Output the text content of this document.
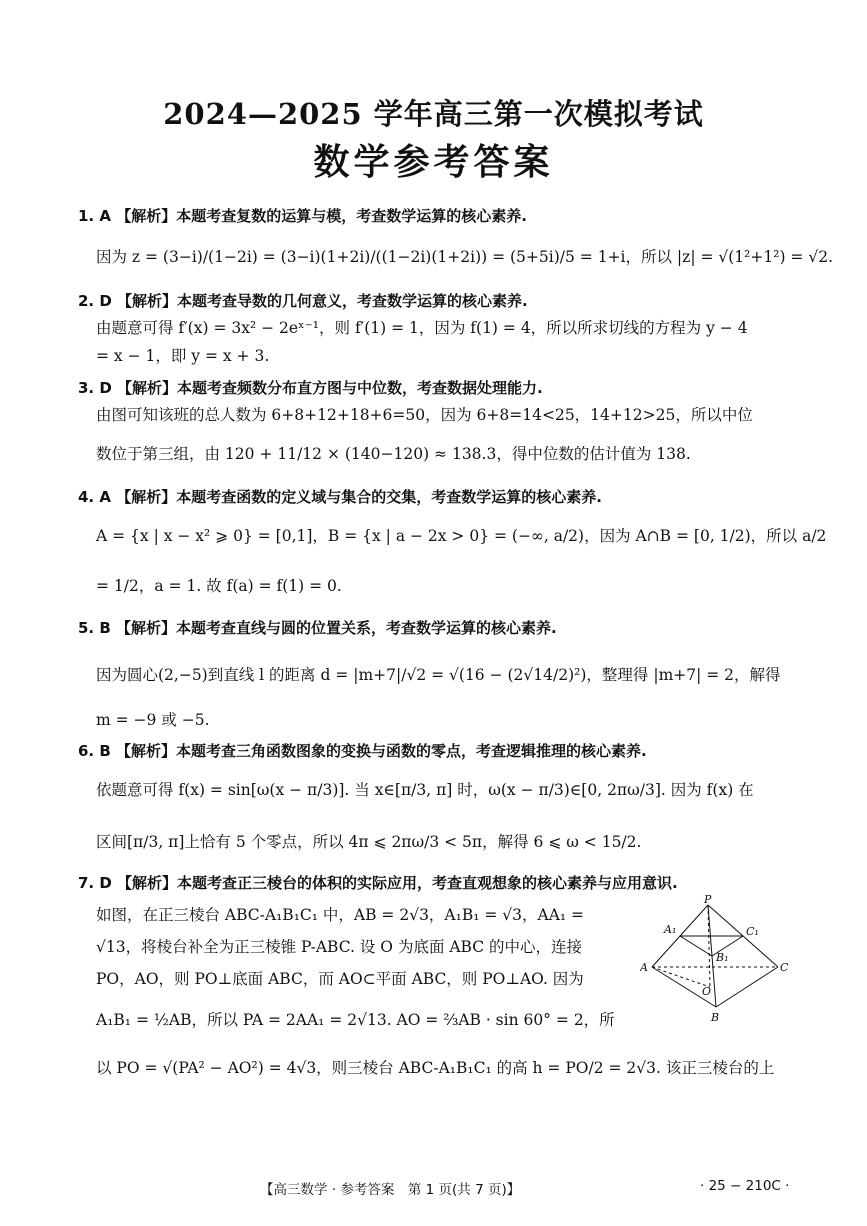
2024—2025 学年高三第一次模拟考试
数学参考答案
1. A 【解析】本题考查复数的运算与模，考查数学运算的核心素养.
因为 z = (3−i)/(1−2i) = (3−i)(1+2i)/((1−2i)(1+2i)) = (5+5i)/5 = 1+i，所以 |z| = √(1²+1²) = √2.
2. D 【解析】本题考查导数的几何意义，考查数学运算的核心素养.
由题意可得 f′(x) = 3x² − 2eˣ⁻¹，则 f′(1) = 1，因为 f(1) = 4，所以所求切线的方程为 y − 4
= x − 1，即 y = x + 3.
3. D 【解析】本题考查频数分布直方图与中位数，考查数据处理能力.
由图可知该班的总人数为 6+8+12+18+6=50，因为 6+8=14<25，14+12>25，所以中位
数位于第三组，由 120 + 11/12 × (140−120) ≈ 138.3，得中位数的估计值为 138.
4. A 【解析】本题考查函数的定义域与集合的交集，考查数学运算的核心素养.
A = {x | x − x² ⩾ 0} = [0,1]，B = {x | a − 2x > 0} = (−∞, a/2)，因为 A∩B = [0, 1/2)，所以 a/2
= 1/2，a = 1. 故 f(a) = f(1) = 0.
5. B 【解析】本题考查直线与圆的位置关系，考查数学运算的核心素养.
因为圆心(2,−5)到直线 l 的距离 d = |m+7|/√2 = √(16 − (2√14/2)²)，整理得 |m+7| = 2，解得
m = −9 或 −5.
6. B 【解析】本题考查三角函数图象的变换与函数的零点，考查逻辑推理的核心素养.
依题意可得 f(x) = sin[ω(x − π/3)]. 当 x∈[π/3, π] 时，ω(x − π/3)∈[0, 2πω/3]. 因为 f(x) 在
区间[π/3, π]上恰有 5 个零点，所以 4π ⩽ 2πω/3 < 5π，解得 6 ⩽ ω < 15/2.
7. D 【解析】本题考查正三棱台的体积的实际应用，考查直观想象的核心素养与应用意识.
如图，在正三棱台 ABC-A₁B₁C₁ 中，AB = 2√3，A₁B₁ = √3，AA₁ =
√13，将棱台补全为正三棱锥 P-ABC. 设 O 为底面 ABC 的中心，连接
PO，AO，则 PO⊥底面 ABC，而 AO⊂平面 ABC，则 PO⊥AO. 因为
A₁B₁ = ½AB，所以 PA = 2AA₁ = 2√13. AO = ⅔AB · sin 60° = 2，所
以 PO = √(PA² − AO²) = 4√3，则三棱台 ABC-A₁B₁C₁ 的高 h = PO/2 = 2√3. 该正三棱台的上
P
A₁	C₁
B₁
A	C
O
B
【高三数学 · 参考答案　第 1 页(共 7 页)】	· 25 − 210C ·
